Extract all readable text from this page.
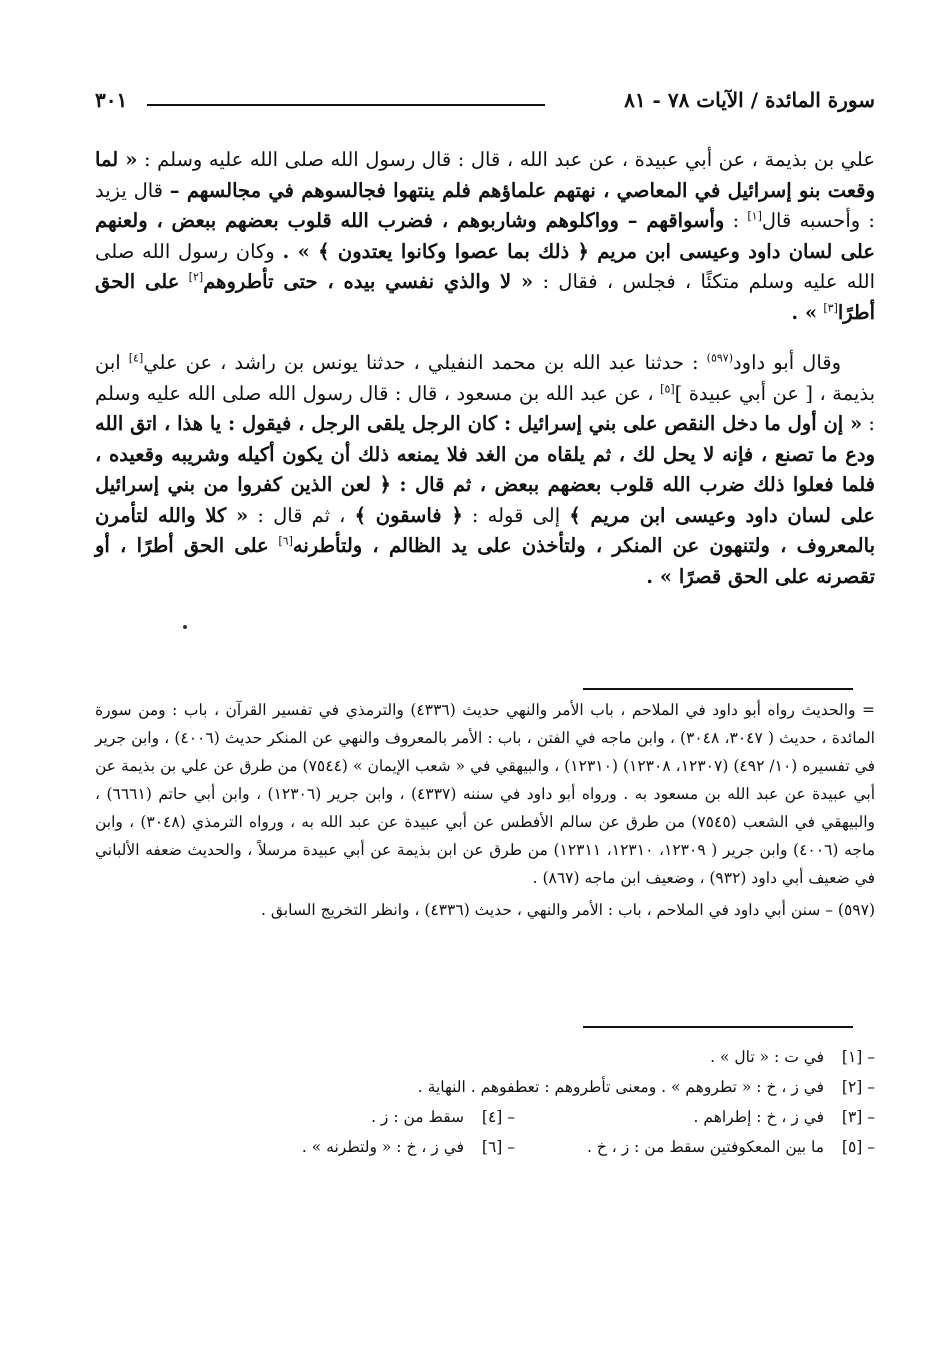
سورة المائدة / الآيات ٧٨ - ٨١
٣٠١

علي بن بذيمة ، عن أبي عبيدة ، عن عبد الله ، قال : قال رسول الله صلى الله عليه وسلم : « لما وقعت بنو إسرائيل في المعاصي ، نهتهم علماؤهم فلم ينتهوا فجالسوهم في مجالسهم – قال يزيد : وأحسبه قال[١] : وأسواقهم – وواكلوهم وشاربوهم ، فضرب الله قلوب بعضهم ببعض ، ولعنهم على لسان داود وعيسى ابن مريم ﴿ ذلك بما عصوا وكانوا يعتدون ﴾ » . وكان رسول الله صلى الله عليه وسلم متكئًا ، فجلس ، فقال : « لا والذي نفسي بيده ، حتى تأطروهم[٢] على الحق أطرًا[٣] » .

وقال أبو داود$^{(٥٩٧)}$ : حدثنا عبد الله بن محمد النفيلي ، حدثنا يونس بن راشد ، عن علي[٤] ابن بذيمة ، [ عن أبي عبيدة ][٥] ، عن عبد الله بن مسعود ، قال : قال رسول الله صلى الله عليه وسلم : « إن أول ما دخل النقص على بني إسرائيل : كان الرجل يلقى الرجل ، فيقول : يا هذا ، اتق الله ودع ما تصنع ، فإنه لا يحل لك ، ثم يلقاه من الغد فلا يمنعه ذلك أن يكون أكيله وشريبه وقعيده ، فلما فعلوا ذلك ضرب الله قلوب بعضهم ببعض ، ثم قال : ﴿ لعن الذين كفروا من بني إسرائيل على لسان داود وعيسى ابن مريم ﴾ إلى قوله : ﴿ فاسقون ﴾ ، ثم قال : « كلا والله لتأمرن بالمعروف ، ولتنهون عن المنكر ، ولتأخذن على يد الظالم ، ولتأطرنه[٦] على الحق أطرًا ، أو تقصرنه على الحق قصرًا » .

= والحديث رواه أبو داود في الملاحم ، باب الأمر والنهي حديث (٤٣٣٦) والترمذي في تفسير القرآن ، باب : ومن سورة المائدة ، حديث ( ٣٠٤٧، ٣٠٤٨) ، وابن ماجه في الفتن ، باب : الأمر بالمعروف والنهي عن المنكر حديث (٤٠٠٦) ، وابن جرير في تفسيره (١٠/ ٤٩٢) (١٢٣٠٧، ١٢٣٠٨) (١٢٣١٠) ، والبيهقي في « شعب الإيمان » (٧٥٤٤) من طرق عن علي بن بذيمة عن أبي عبيدة عن عبد الله بن مسعود به . ورواه أبو داود في سننه (٤٣٣٧) ، وابن جرير (١٢٣٠٦) ، وابن أبي حاتم (٦٦٦١) ، والبيهقي في الشعب (٧٥٤٥) من طرق عن سالم الأفطس عن أبي عبيدة عن عبد الله به ، ورواه الترمذي (٣٠٤٨) ، وابن ماجه (٤٠٠٦) وابن جرير ( ١٢٣٠٩، ١٢٣١٠، ١٢٣١١) من طرق عن ابن بذيمة عن أبي عبيدة مرسلاً ، والحديث ضعفه الألباني في ضعيف أبي داود (٩٣٢) ، وضعيف ابن ماجه (٨٦٧) .

(٥٩٧) – سنن أبي داود في الملاحم ، باب : الأمر والنهي ، حديث (٤٣٣٦) ، وانظر التخريج السابق .

[١] – في ت : « تال » .
[٢] – في ز ، خ : « تطروهم » . ومعنى تأطروهم : تعطفوهم . النهاية .
[٣] – في ز ، خ : إطراهم .
[٤] – سقط من : ز .
[٥] – ما بين المعكوفتين سقط من : ز ، خ .
[٦] – في ز ، خ : « ولتطرنه » .
